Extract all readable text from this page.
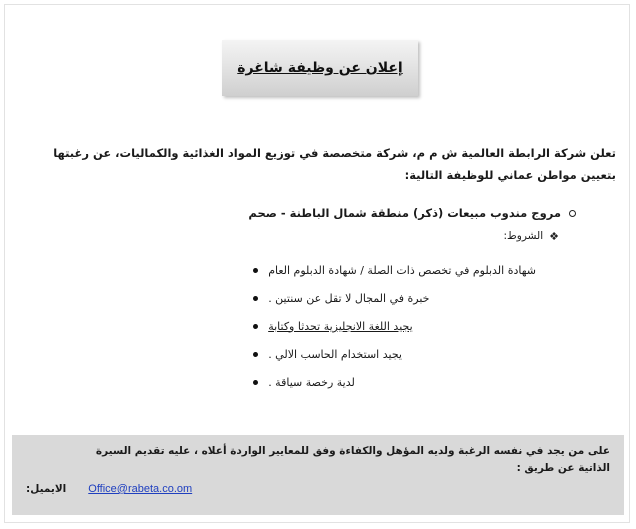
إعلان عن وظيفة شاغرة

تعلن شركة الرابطة العالمية ش م م، شركة متخصصة في توزيع المواد الغذائية والكماليات، عن رغبتها

بتعيين مواطن عماني للوظيفة التالية:

مروج مندوب مبيعات (ذكر) منطقة شمال الباطنة - صحم
❖
الشروط:
شهادة الدبلوم في تخصص ذات الصلة / شهادة الدبلوم العام
خبرة في المجال لا تقل عن سنتين .
يجيد اللغة الانجليزية تحدثا وكتابة
يجيد استخدام الحاسب الالي .
لدية رخصة سياقة .

على من يجد في نفسه الرغبة ولديه المؤهل والكفاءة وفق للمعايير الواردة أعلاه ، عليه تقديم السيرة

الذاتية عن طريق :

الايميل: Office@rabeta.co.om
